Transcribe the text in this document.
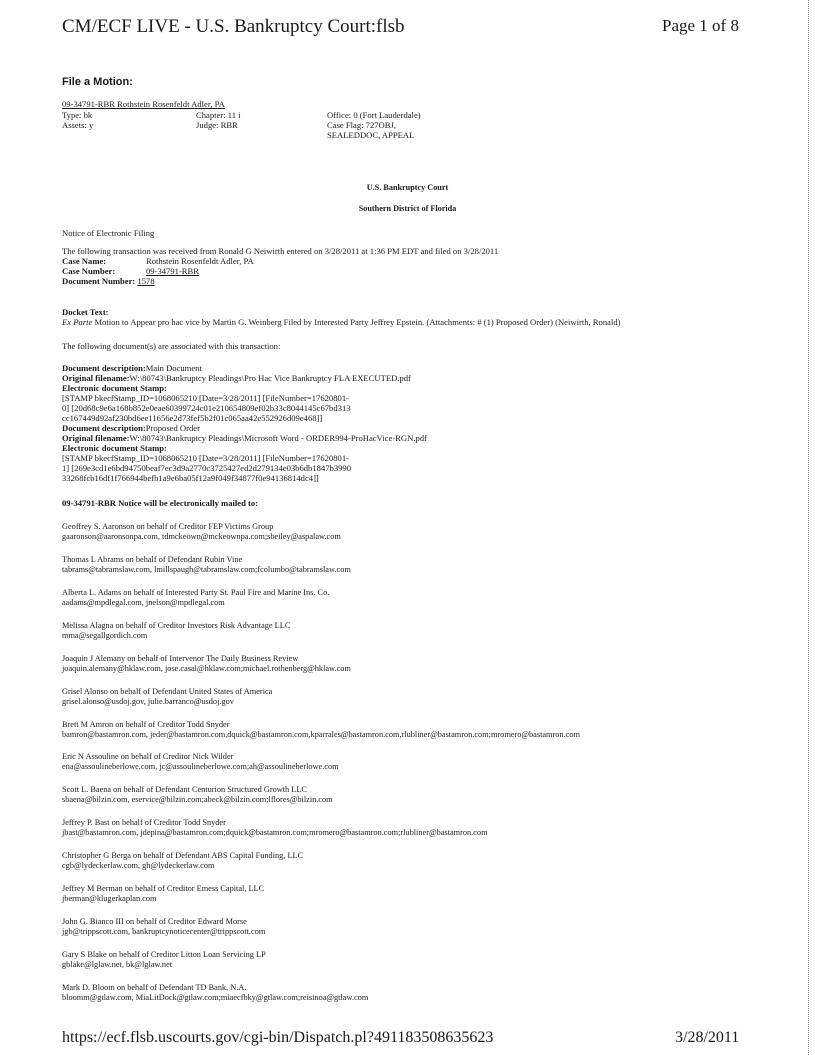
CM/ECF LIVE - U.S. Bankruptcy Court:flsb	Page 1 of 8
File a Motion:
09-34791-RBR Rothstein Rosenfeldt Adler, PA
Type: bk	Chapter: 11 i	Office: 0 (Fort Lauderdale)
Assets: y	Judge: RBR	Case Flag: 727OBJ,
SEALEDDOC, APPEAL
U.S. Bankruptcy Court
Southern District of Florida
Notice of Electronic Filing
The following transaction was received from Ronald G Neiwirth entered on 3/28/2011 at 1:36 PM EDT and filed on 3/28/2011
Case Name:	Rothstein Rosenfeldt Adler, PA
Case Number:	09-34791-RBR
Document Number: 1578
Docket Text:
Ex Parte Motion to Appear pro hac vice by Martin G. Weinberg Filed by Interested Party Jeffrey Epstein. (Attachments: # (1) Proposed Order) (Neiwirth, Ronald)
The following document(s) are associated with this transaction:
Document description:Main Document
Original filename:W:\80743\Bankruptcy Pleadings\Pro Hac Vice Bankruptcy FLA EXECUTED.pdf
Electronic document Stamp:
[STAMP bkecfStamp_ID=1068065210 [Date=3/28/2011] [FileNumber=17620801-
0] [20d68c9e6a168b852e0eae60399724c01e210654809ef02b33c8044145c67bd313
cc167449d92af230bd6ee11656e2d73fef5b2f01c065aa42e552926d09e468]]
Document description:Proposed Order
Original filename:W:\80743\Bankruptcy Pleadings\Microsoft Word - ORDER994-ProHacVice-RGN.pdf
Electronic document Stamp:
[STAMP bkecfStamp_ID=1068065210 [Date=3/28/2011] [FileNumber=17620801-
1] [269e3cd1e6bd94750beaf7ec3d9a2770c3725427ed2d279134e03b6db1847b3990
33268fcb16df1f766944befb1a9e6ba05f12a9f049f34877f0e94136814dc4]]
09-34791-RBR Notice will be electronically mailed to:
Geoffrey S. Aaronson on behalf of Creditor FEP Victims Group
gaaronson@aaronsonpa.com, tdmckeown@mckeownpa.com;sbeiley@aspalaw.com
Thomas L Abrams on behalf of Defendant Rubin Vine
tabrams@tabramslaw.com, lmillspaugh@tabramslaw.com;fcolumbo@tabramslaw.com
Alberta L. Adams on behalf of Interested Party St. Paul Fire and Marine Ins. Co.
aadams@mpdlegal.com, jnelson@mpdlegal.com
Melissa Alagna on behalf of Creditor Investors Risk Advantage LLC
mma@segallgordich.com
Joaquin J Alemany on behalf of Intervenor The Daily Business Review
joaquin.alemany@hklaw.com, jose.casal@hklaw.com;michael.rothenberg@hklaw.com
Grisel Alonso on behalf of Defendant United States of America
grisel.alonso@usdoj.gov, julie.barranco@usdoj.gov
Brett M Amron on behalf of Creditor Todd Snyder
bamron@bastamron.com, jeder@bastamron.com,dquick@bastamron.com,kparrales@bastamron.com,rlubliner@bastamron.com;mromero@bastamron.com
Eric N Assouline on behalf of Creditor Nick Wilder
ena@assoulineberlowe.com, jc@assoulineberlowe.com;ah@assoulineberlowe.com
Scott L. Baena on behalf of Defendant Centurion Structured Growth LLC
sbaena@bilzin.com, eservice@bilzin.com;abeck@bilzin.com;lflores@bilzin.com
Jeffrey P. Bast on behalf of Creditor Todd Snyder
jbast@bastamron.com, jdepina@bastamron.com;dquick@bastamron.com;mromero@bastamron.com;rlubliner@bastamron.com
Christopher G Berga on behalf of Defendant ABS Capital Funding, LLC
cgb@lydeckerlaw.com, gh@lydeckerlaw.com
Jeffrey M Berman on behalf of Creditor Emess Capital, LLC
jberman@klugerkaplan.com
John G. Bianco III on behalf of Creditor Edward Morse
jgb@trippscott.com, bankruptcynoticecenter@trippscott.com
Gary S Blake on behalf of Creditor Litton Loan Servicing LP
gblake@lglaw.net, bk@lglaw.net
Mark D. Bloom on behalf of Defendant TD Bank, N.A.
bloomm@gtlaw.com, MiaLitDock@gtlaw.com;miaecfbky@gtlaw.com;reisinoa@gtlaw.com
https://ecf.flsb.uscourts.gov/cgi-bin/Dispatch.pl?491183508635623	3/28/2011
